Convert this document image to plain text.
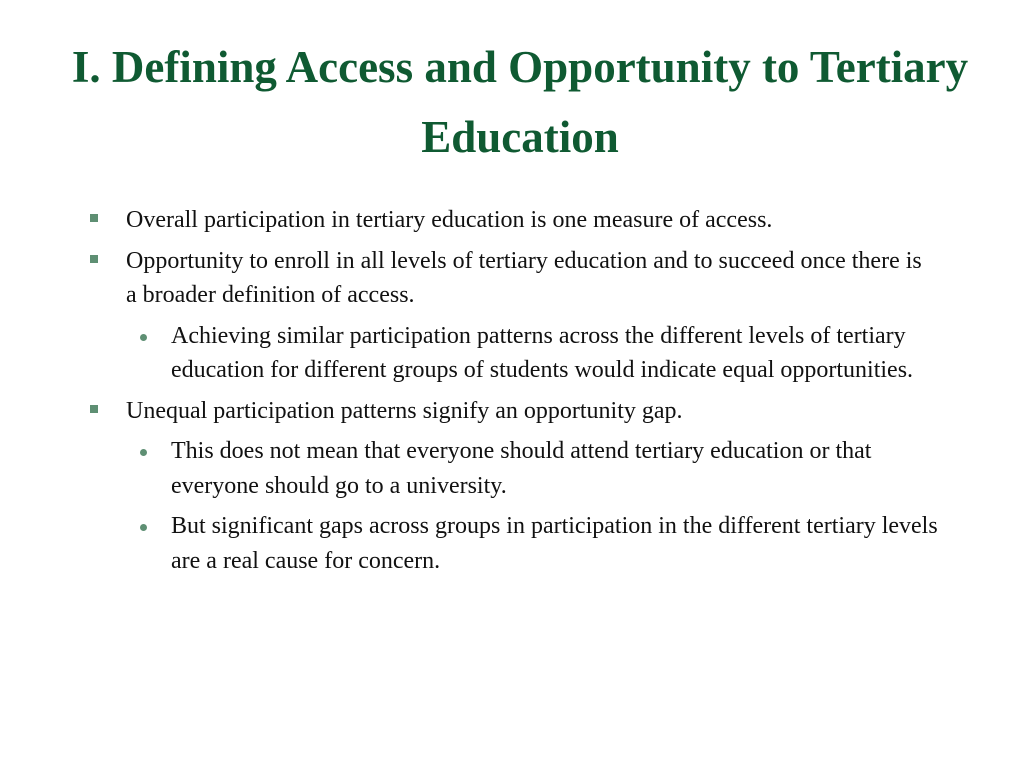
I. Defining Access and Opportunity to Tertiary Education
Overall participation in tertiary education is one measure of access.
Opportunity to enroll in all levels of tertiary education and to succeed once there is a broader definition of access.
Achieving similar participation patterns across the different levels of tertiary education for different groups of students would indicate equal opportunities.
Unequal participation patterns signify an opportunity gap.
This does not mean that everyone should attend tertiary education or that everyone should go to a university.
But significant gaps across groups in participation in the different tertiary levels are a real cause for concern.
